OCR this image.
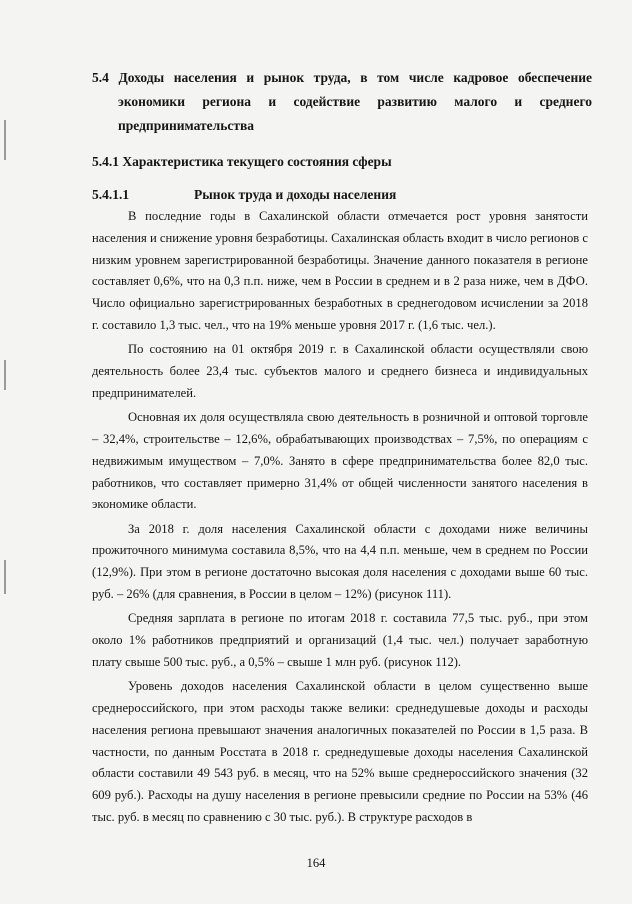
5.4 Доходы населения и рынок труда, в том числе кадровое обеспечение
экономики региона и содействие развитию малого и среднего
предпринимательства
5.4.1 Характеристика текущего состояния сферы
5.4.1.1	Рынок труда и доходы населения

В последние годы в Сахалинской области отмечается рост уровня занятости населения и снижение уровня безработицы. Сахалинская область входит в число регионов с низким уровнем зарегистрированной безработицы. Значение данного показателя в регионе составляет 0,6%, что на 0,3 п.п. ниже, чем в России в среднем и в 2 раза ниже, чем в ДФО. Число официально зарегистрированных безработных в среднегодовом исчислении за 2018 г. составило 1,3 тыс. чел., что на 19% меньше уровня 2017 г. (1,6 тыс. чел.).

По состоянию на 01 октября 2019 г. в Сахалинской области осуществляли свою деятельность более 23,4 тыс. субъектов малого и среднего бизнеса и индивидуальных предпринимателей.

Основная их доля осуществляла свою деятельность в розничной и оптовой торговле – 32,4%, строительстве – 12,6%, обрабатывающих производствах – 7,5%, по операциям с недвижимым имуществом – 7,0%. Занято в сфере предпринимательства более 82,0 тыс. работников, что составляет примерно 31,4% от общей численности занятого населения в экономике области.

За 2018 г. доля населения Сахалинской области с доходами ниже величины прожиточного минимума составила 8,5%, что на 4,4 п.п. меньше, чем в среднем по России (12,9%). При этом в регионе достаточно высокая доля населения с доходами выше 60 тыс. руб. – 26% (для сравнения, в России в целом – 12%) (рисунок 111).

Средняя зарплата в регионе по итогам 2018 г. составила 77,5 тыс. руб., при этом около 1% работников предприятий и организаций (1,4 тыс. чел.) получает заработную плату свыше 500 тыс. руб., а 0,5% – свыше 1 млн руб. (рисунок 112).

Уровень доходов населения Сахалинской области в целом существенно выше среднероссийского, при этом расходы также велики: среднедушевые доходы и расходы населения региона превышают значения аналогичных показателей по России в 1,5 раза. В частности, по данным Росстата в 2018 г. среднедушевые доходы населения Сахалинской области составили 49 543 руб. в месяц, что на 52% выше среднероссийского значения (32 609 руб.). Расходы на душу населения в регионе превысили средние по России на 53% (46 тыс. руб. в месяц по сравнению с 30 тыс. руб.). В структуре расходов в

164
